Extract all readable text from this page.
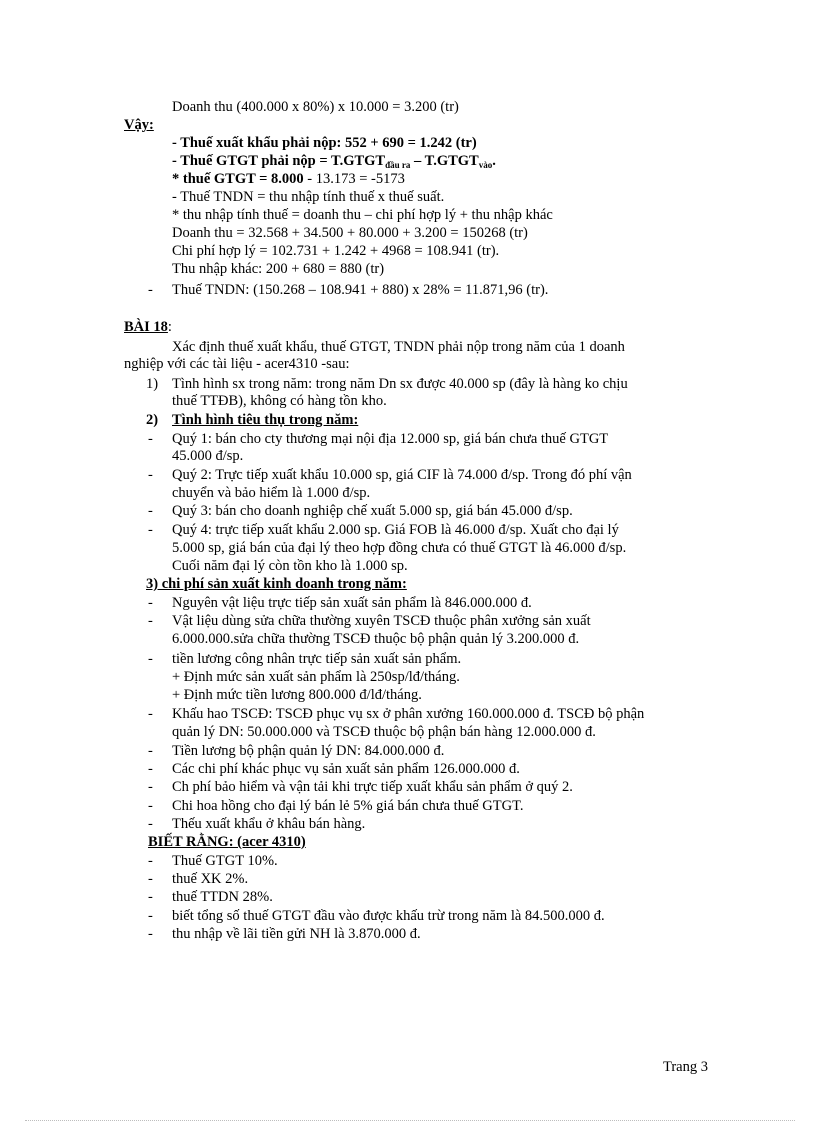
Doanh thu (400.000 x 80%) x 10.000 = 3.200 (tr)
Vậy:
- Thuế xuất khẩu phải nộp: 552 + 690 = 1.242 (tr)
- Thuế GTGT phải nộp = $T.GTGT_{đầu ra}$ – $T.GTGT_{vào}$.
* thuế GTGT = 8.000 - 13.173 = -5173
- Thuế TNDN = thu nhập tính thuế x thuế suất.
* thu nhập tính thuế = doanh thu – chi phí hợp lý + thu nhập khác
Doanh thu = 32.568 + 34.500 + 80.000 + 3.200 = 150268 (tr)
Chi phí hợp lý = 102.731 + 1.242 + 4968 = 108.941 (tr).
Thu nhập khác: 200 + 680 = 880 (tr)
- Thuế TNDN: (150.268 – 108.941 + 880) x 28% = 11.871,96 (tr).
BÀI 18:
Xác định thuế xuất khẩu, thuế GTGT, TNDN phải nộp trong năm của 1 doanh
nghiệp với các tài liệu - acer4310 -sau:
1) Tình hình sx trong năm: trong năm Dn sx được 40.000 sp (đây là hàng ko chịu
thuế TTĐB), không có hàng tồn kho.
2) Tình hình tiêu thụ trong năm:
- Quý 1: bán cho cty thương mại nội địa 12.000 sp, giá bán chưa thuế GTGT
45.000 đ/sp.
- Quý 2: Trực tiếp xuất khẩu 10.000 sp, giá CIF là 74.000 đ/sp. Trong đó phí vận
chuyển và bảo hiểm là 1.000 đ/sp.
- Quý 3: bán cho doanh nghiệp chế xuất 5.000 sp, giá bán 45.000 đ/sp.
- Quý 4: trực tiếp xuất khẩu 2.000 sp. Giá FOB là 46.000 đ/sp. Xuất cho đại lý
5.000 sp, giá bán của đại lý theo hợp đồng chưa có thuế GTGT là 46.000 đ/sp.
Cuối năm đại lý còn tồn kho là 1.000 sp.
3) chi phí sản xuất kinh doanh trong năm:
- Nguyên vật liệu trực tiếp sản xuất sản phẩm là 846.000.000 đ.
- Vật liệu dùng sửa chữa thường xuyên TSCĐ thuộc phân xưởng sản xuất
6.000.000.sửa chữa thường TSCĐ thuộc bộ phận quản lý 3.200.000 đ.
- tiền lương công nhân trực tiếp sản xuất sản phẩm.
+ Định mức sản xuất sản phẩm là 250sp/lđ/tháng.
+ Định mức tiền lương 800.000 đ/lđ/tháng.
- Khấu hao TSCĐ: TSCĐ phục vụ sx ở phân xưởng 160.000.000 đ. TSCĐ bộ phận
quản lý DN: 50.000.000 và TSCĐ thuộc bộ phận bán hàng 12.000.000 đ.
- Tiền lương bộ phận quản lý DN: 84.000.000 đ.
- Các chi phí khác phục vụ sản xuất sản phẩm 126.000.000 đ.
- Ch phí bảo hiểm và vận tải khi trực tiếp xuất khẩu sản phẩm ở quý 2.
- Chi hoa hồng cho đại lý bán lẻ 5% giá bán chưa thuế GTGT.
- Thếu xuất khẩu ở khâu bán hàng.
BIẾT RẰNG: (acer 4310)
- Thuế GTGT 10%.
- thuế XK 2%.
- thuế TTDN 28%.
- biết tổng số thuế GTGT đầu vào được khấu trừ trong năm là 84.500.000 đ.
- thu nhập về lãi tiền gửi NH là 3.870.000 đ.
Trang 3
